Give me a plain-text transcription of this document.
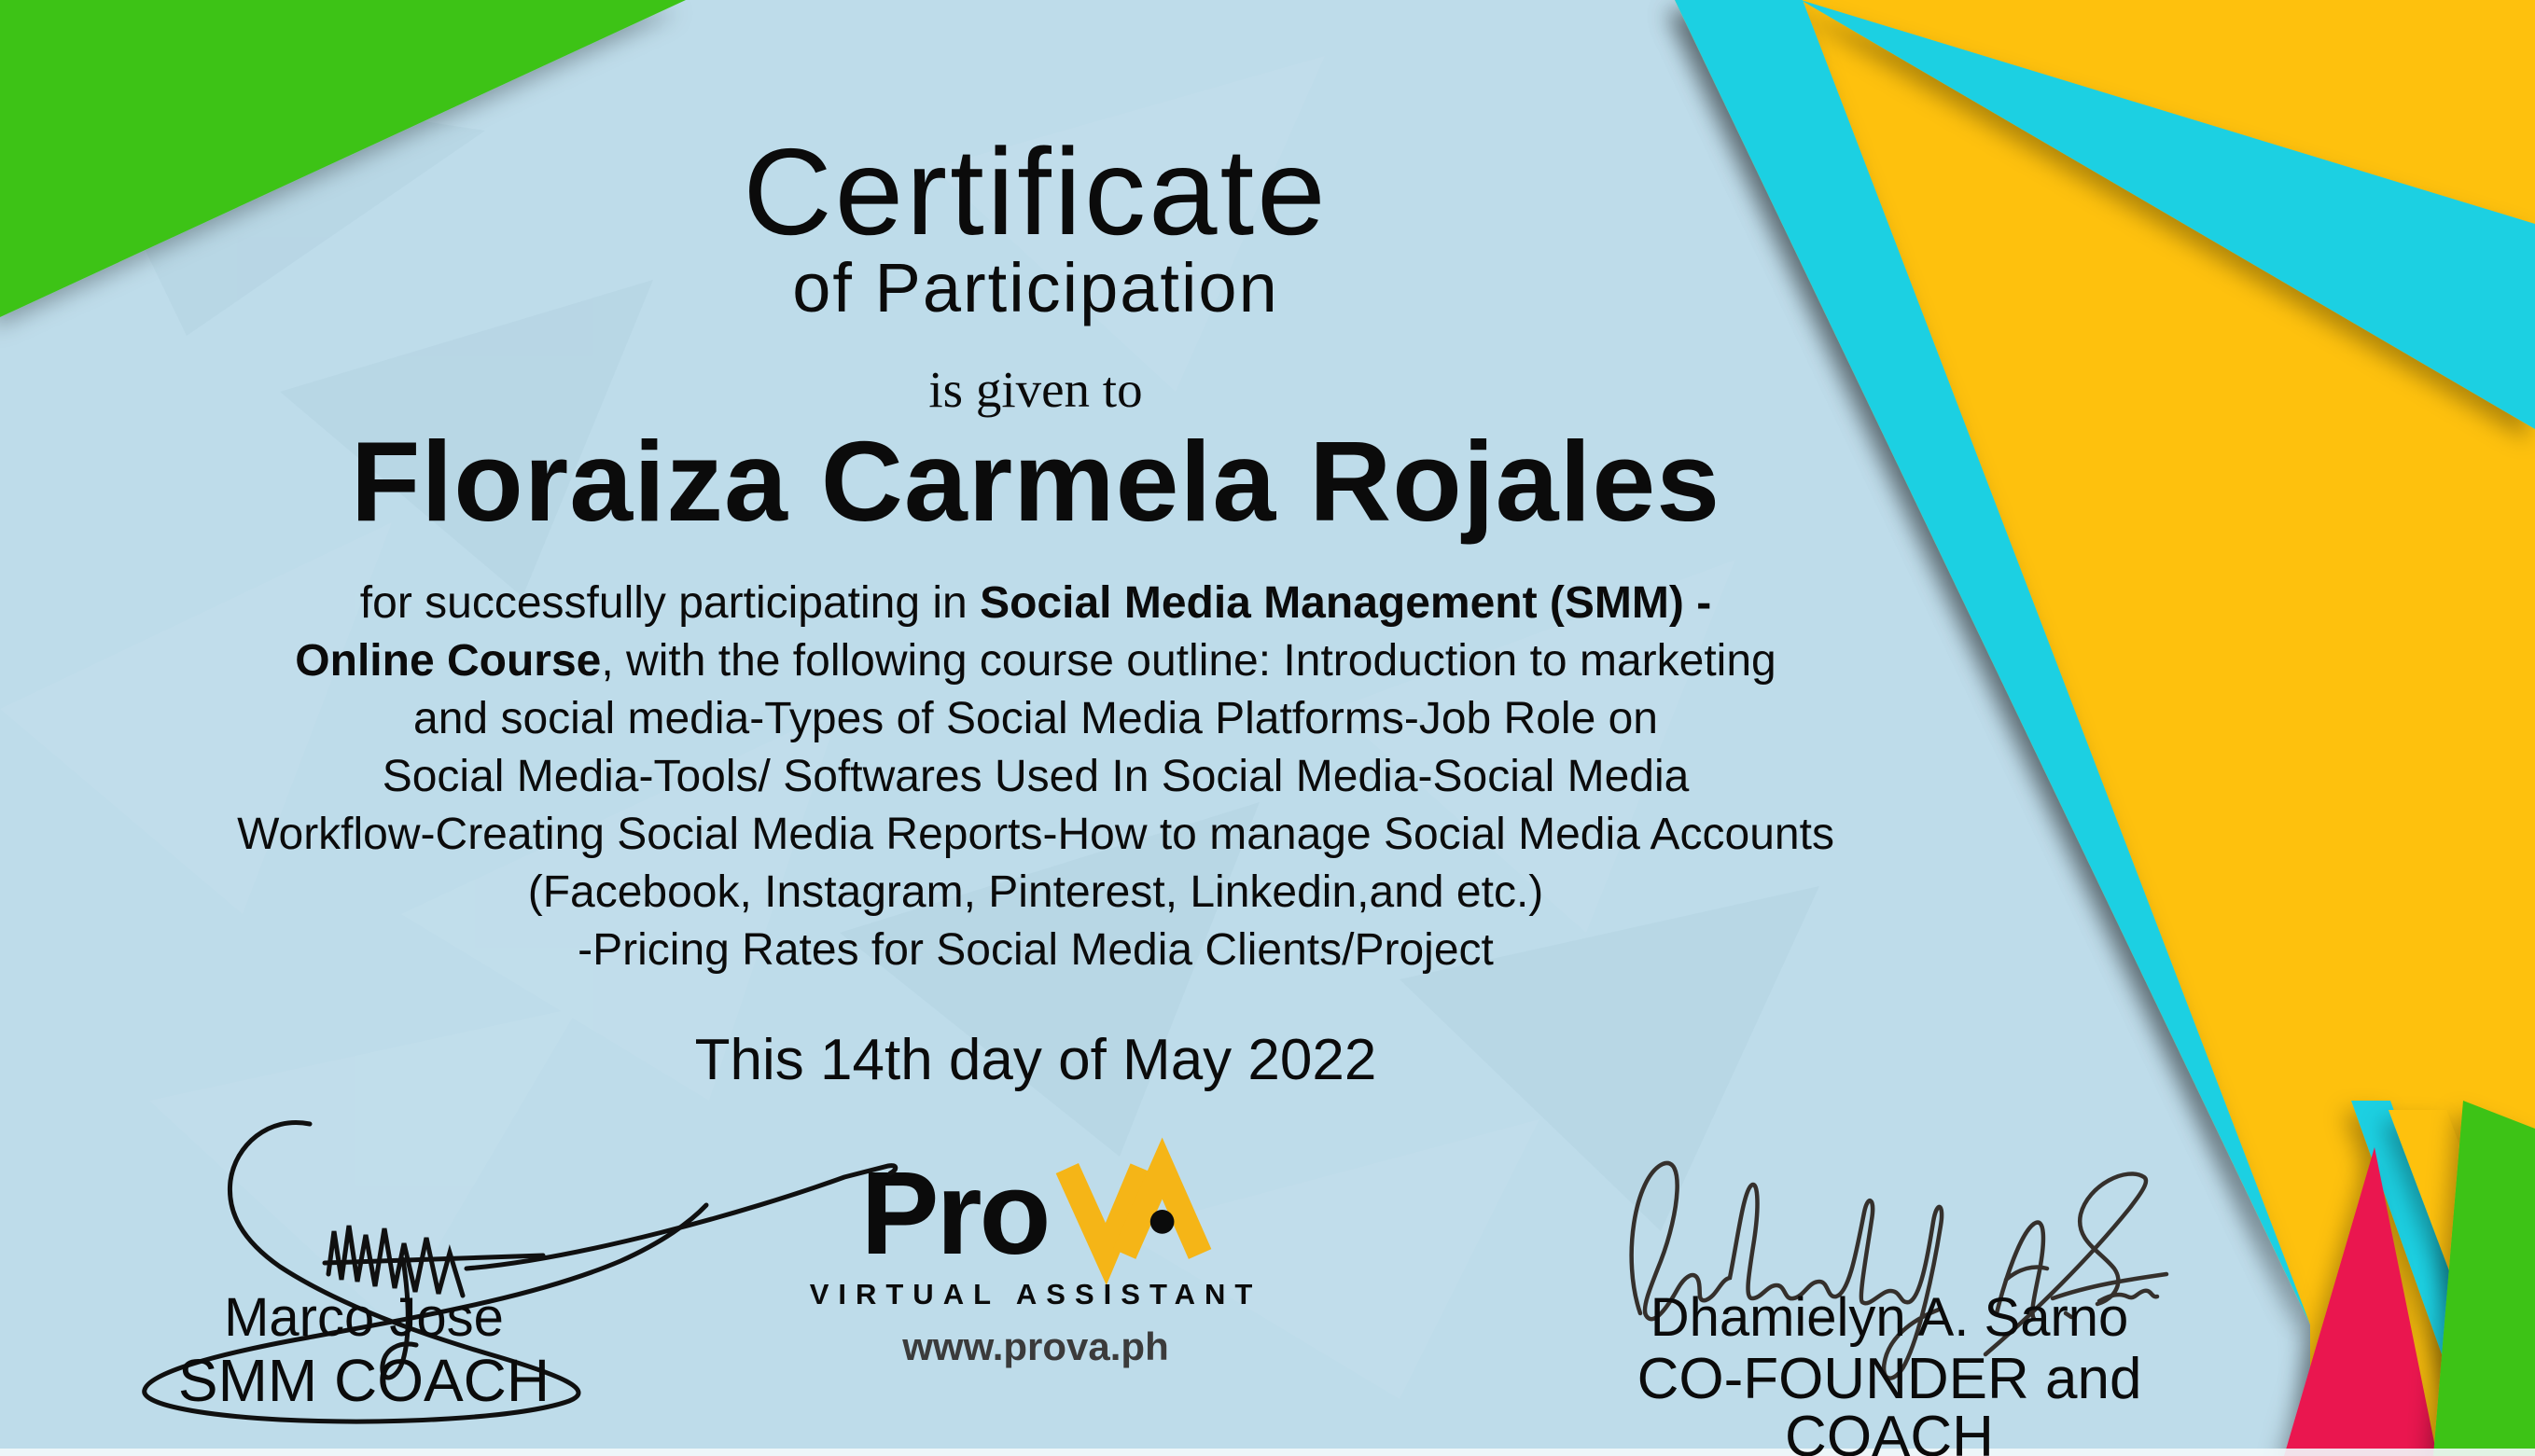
Certificate
of Participation
is given to
Floraiza Carmela Rojales
for successfully participating in Social Media Management (SMM) -
Online Course, with the following course outline: Introduction to marketing
and social media-Types of Social Media Platforms-Job Role on
Social Media-Tools/ Softwares Used In Social Media-Social Media
Workflow-Creating Social Media Reports-How to manage Social Media Accounts
(Facebook, Instagram, Pinterest, Linkedin,and etc.)
-Pricing Rates for Social Media Clients/Project
This 14th day of May 2022
Pro
VIRTUAL ASSISTANT
www.prova.ph
Marco Jose
SMM COACH
Dhamielyn A. Sarno
CO-FOUNDER and COACH
